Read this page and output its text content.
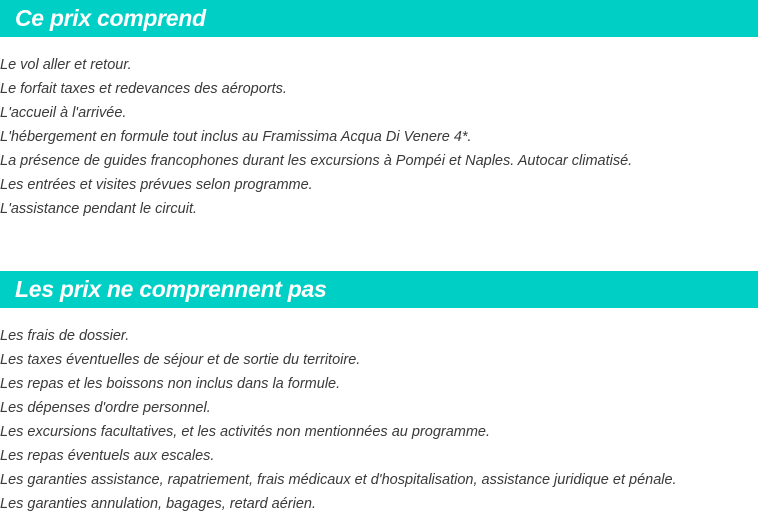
Ce prix comprend
Le vol aller et retour.
Le forfait taxes et redevances des aéroports.
L'accueil à l'arrivée.
L'hébergement en formule tout inclus au Framissima Acqua Di Venere 4*.
La présence de guides francophones durant les excursions à Pompéi et Naples. Autocar climatisé.
Les entrées et visites prévues selon programme.
L'assistance pendant le circuit.
Les prix ne comprennent pas
Les frais de dossier.
Les taxes éventuelles de séjour et de sortie du territoire.
Les repas et les boissons non inclus dans la formule.
Les dépenses d'ordre personnel.
Les excursions facultatives, et les activités non mentionnées au programme.
Les repas éventuels aux escales.
Les garanties assistance, rapatriement, frais médicaux et d'hospitalisation, assistance juridique et pénale.
Les garanties annulation, bagages, retard aérien.
